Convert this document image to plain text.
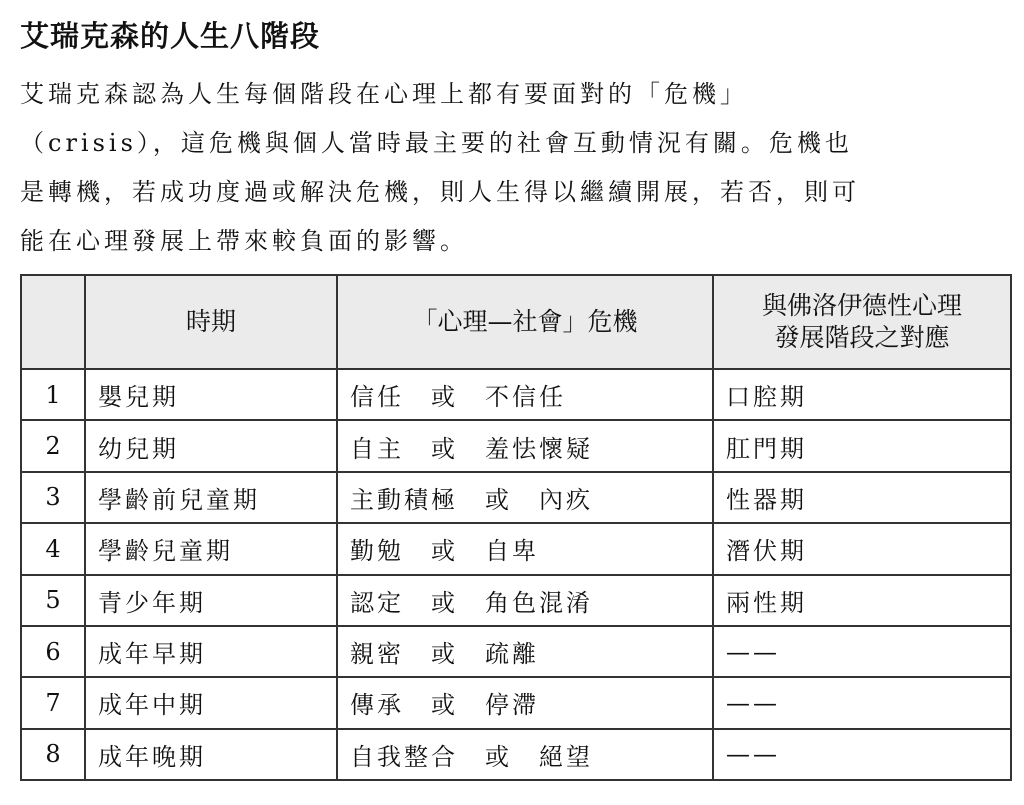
艾瑞克森的人生八階段
艾瑞克森認為人生每個階段在心理上都有要面對的「危機」
（crisis），這危機與個人當時最主要的社會互動情況有關。危機也
是轉機，若成功度過或解決危機，則人生得以繼續開展，若否，則可
能在心理發展上帶來較負面的影響。
	時期	「心理—社會」危機	與佛洛伊德性心理
發展階段之對應

1	嬰兒期	信任　或　不信任	口腔期
2	幼兒期	自主　或　羞怯懷疑	肛門期
3	學齡前兒童期	主動積極　或　內疚	性器期
4	學齡兒童期	勤勉　或　自卑	潛伏期
5	青少年期	認定　或　角色混淆	兩性期
6	成年早期	親密　或　疏離	——
7	成年中期	傳承　或　停滯	——
8	成年晚期	自我整合　或　絕望	——
